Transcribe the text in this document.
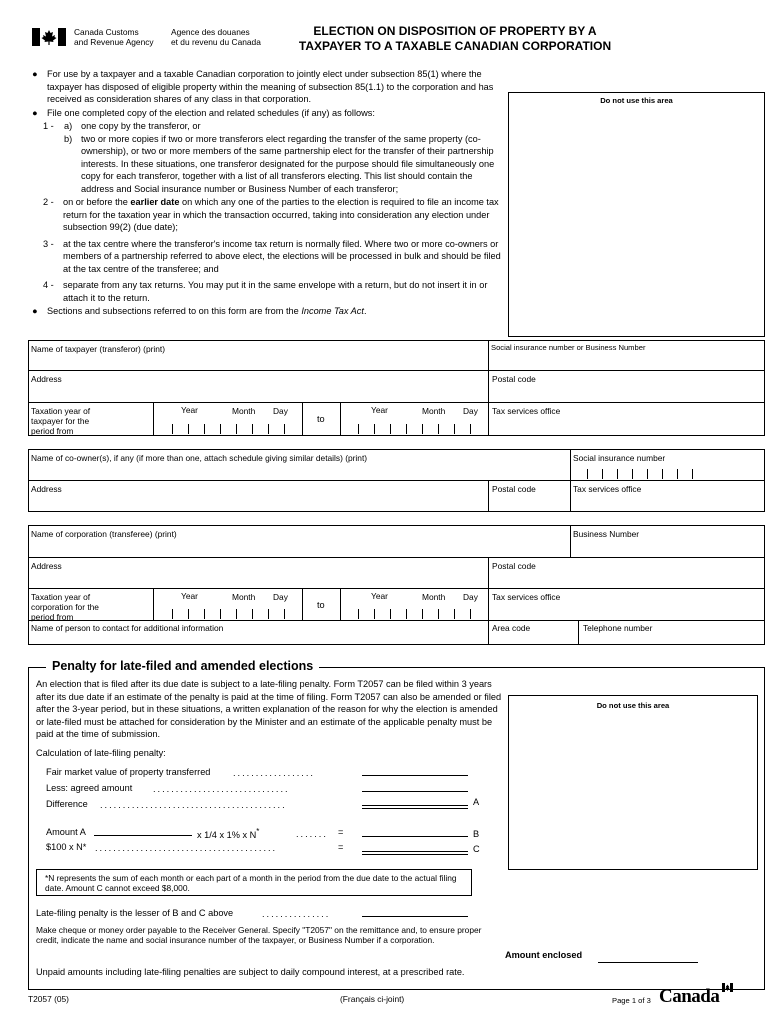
Canada Customs
and Revenue Agency
Agence des douanes
et du revenu du Canada
ELECTION ON DISPOSITION OF PROPERTY BY A
TAXPAYER TO A TAXABLE CANADIAN CORPORATION
● For use by a taxpayer and a taxable Canadian corporation to jointly elect under subsection 85(1) where the taxpayer has disposed of eligible property within the meaning of subsection 85(1.1) to the corporation and has received as consideration shares of any class in that corporation.
● File one completed copy of the election and related schedules (if any) as follows:
1 - a) one copy by the transferor, or
b) two or more copies if two or more transferors elect regarding the transfer of the same property (co-ownership), or two or more members of the same partnership elect for the transfer of their partnership interests. In these situations, one transferor designated for the purpose should file simultaneously one copy for each transferor, together with a list of all transferors electing. This list should contain the address and Social insurance number or Business Number of each transferor;
2 - on or before the earlier date on which any one of the parties to the election is required to file an income tax return for the taxation year in which the transaction occurred, taking into consideration any election under subsection 99(2) (due date);
3 - at the tax centre where the transferor's income tax return is normally filed. Where two or more co-owners or members of a partnership referred to above elect, the elections will be processed in bulk and should be filed at the tax centre of the transferee; and
4 - separate from any tax returns. You may put it in the same envelope with a return, but do not insert it in or attach it to the return.
● Sections and subsections referred to on this form are from the Income Tax Act.
Do not use this area
Name of taxpayer (transferor) (print)	Social insurance number or Business Number
Address	Postal code
Taxation year of
taxpayer for the
period from
Year	Month Day
to
Year	Month Day Tax services office
Name of co-owner(s), if any (if more than one, attach schedule giving similar details) (print)	Social insurance number
Address	Postal code	Tax services office
Name of corporation (transferee) (print)	Business Number
Address	Postal code
Taxation year of
corporation for the
period from
Year	Month Day
to
Year	Month Day Tax services office
Name of person to contact for additional information	Area code	Telephone number
Penalty for late-filed and amended elections
An election that is filed after its due date is subject to a late-filing penalty. Form T2057 can be filed within 3 years after its due date if an estimate of the penalty is paid at the time of filing. Form T2057 can also be amended or filed after the 3-year period, but in these situations, a written explanation of the reason for why the election is amended or late-filed must be attached for consideration by the Minister and an estimate of the applicable penalty must be paid at the time of submission.
Do not use this area
Calculation of late-filing penalty:
Fair market value of property transferred ..................
Less: agreed amount ..............................
Difference .........................................	A
Amount A	x 1/4 x 1% x N*	....... =	B
$100 x N* ........................................	=	C
*N represents the sum of each month or each part of a month in the period from the due date to the actual filing date. Amount C cannot exceed $8,000.
Late-filing penalty is the lesser of B and C above	...............
Make cheque or money order payable to the Receiver General. Specify "T2057" on the remittance and, to ensure proper credit, indicate the name and social insurance number of the taxpayer, or Business Number if a corporation.
Amount enclosed
Unpaid amounts including late-filing penalties are subject to daily compound interest, at a prescribed rate.
T2057 (05)	(Français ci-joint)	Page 1 of 3 Canada
